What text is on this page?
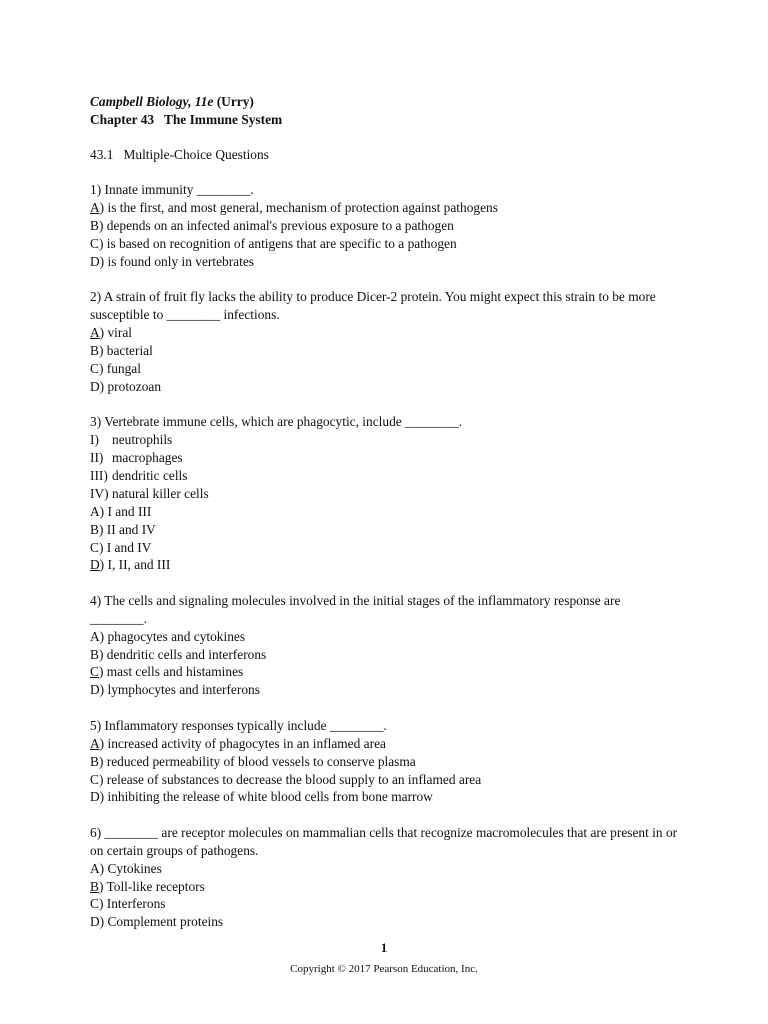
Campbell Biology, 11e (Urry)
Chapter 43   The Immune System
43.1   Multiple-Choice Questions
1) Innate immunity ________.
A) is the first, and most general, mechanism of protection against pathogens
B) depends on an infected animal's previous exposure to a pathogen
C) is based on recognition of antigens that are specific to a pathogen
D) is found only in vertebrates
2) A strain of fruit fly lacks the ability to produce Dicer-2 protein. You might expect this strain to be more susceptible to ________ infections.
A) viral
B) bacterial
C) fungal
D) protozoan
3) Vertebrate immune cells, which are phagocytic, include ________.
I) neutrophils
II) macrophages
III) dendritic cells
IV) natural killer cells
A) I and III
B) II and IV
C) I and IV
D) I, II, and III
4) The cells and signaling molecules involved in the initial stages of the inflammatory response are ________.
A) phagocytes and cytokines
B) dendritic cells and interferons
C) mast cells and histamines
D) lymphocytes and interferons
5) Inflammatory responses typically include ________.
A) increased activity of phagocytes in an inflamed area
B) reduced permeability of blood vessels to conserve plasma
C) release of substances to decrease the blood supply to an inflamed area
D) inhibiting the release of white blood cells from bone marrow
6) ________ are receptor molecules on mammalian cells that recognize macromolecules that are present in or on certain groups of pathogens.
A) Cytokines
B) Toll-like receptors
C) Interferons
D) Complement proteins
1
Copyright © 2017 Pearson Education, Inc.
